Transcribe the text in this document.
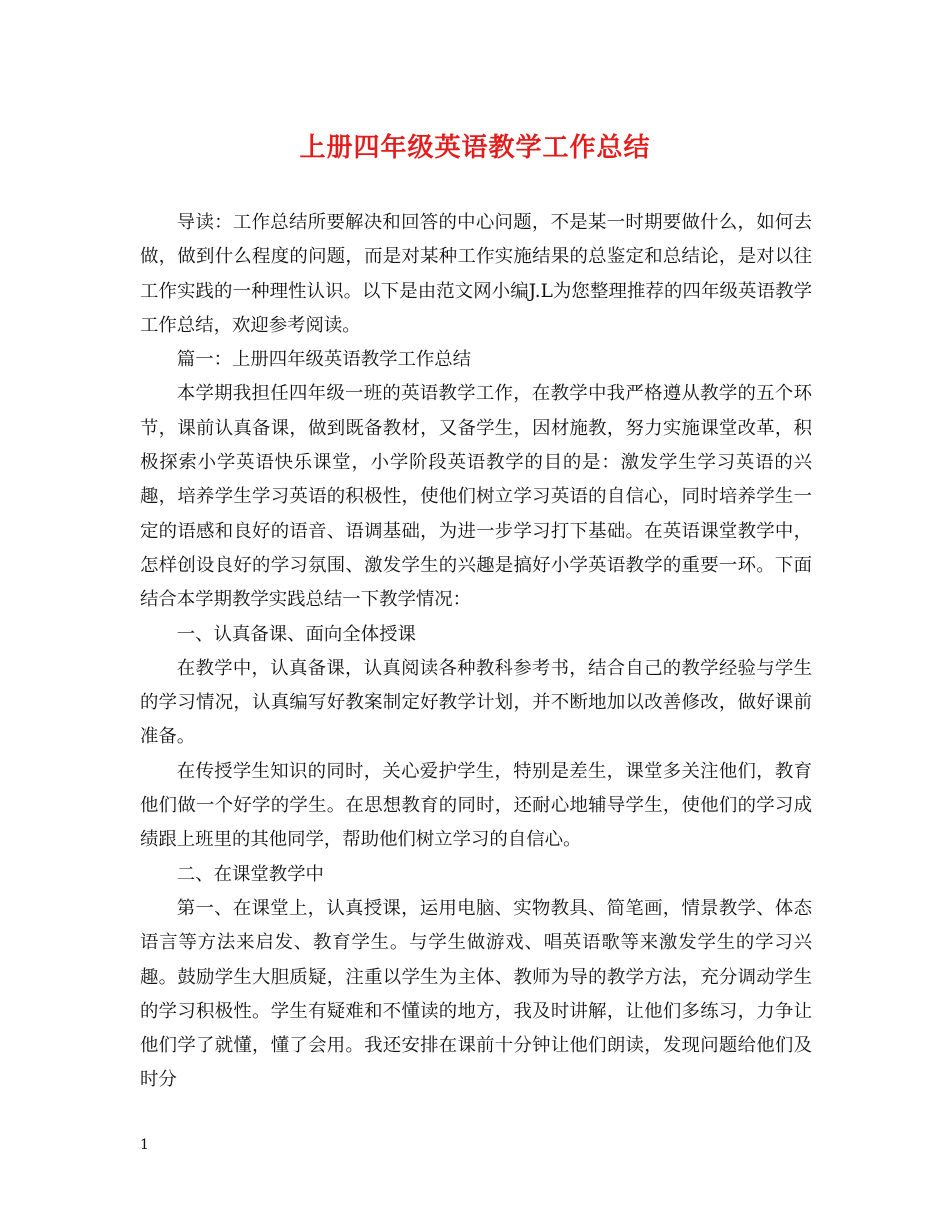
上册四年级英语教学工作总结

导读：工作总结所要解决和回答的中心问题，不是某一时期要做什么，如何去做，做到什么程度的问题，而是对某种工作实施结果的总鉴定和总结论，是对以往工作实践的一种理性认识。以下是由范文网小编J.L为您整理推荐的四年级英语教学工作总结，欢迎参考阅读。

篇一：上册四年级英语教学工作总结

本学期我担任四年级一班的英语教学工作，在教学中我严格遵从教学的五个环节，课前认真备课，做到既备教材，又备学生，因材施教，努力实施课堂改革，积极探索小学英语快乐课堂，小学阶段英语教学的目的是：激发学生学习英语的兴趣，培养学生学习英语的积极性，使他们树立学习英语的自信心，同时培养学生一定的语感和良好的语音、语调基础，为进一步学习打下基础。在英语课堂教学中，怎样创设良好的学习氛围、激发学生的兴趣是搞好小学英语教学的重要一环。下面结合本学期教学实践总结一下教学情况：

一、认真备课、面向全体授课

在教学中，认真备课，认真阅读各种教科参考书，结合自己的教学经验与学生的学习情况，认真编写好教案制定好教学计划，并不断地加以改善修改，做好课前准备。

在传授学生知识的同时，关心爱护学生，特别是差生，课堂多关注他们，教育他们做一个好学的学生。在思想教育的同时，还耐心地辅导学生，使他们的学习成绩跟上班里的其他同学，帮助他们树立学习的自信心。

二、在课堂教学中

第一、在课堂上，认真授课，运用电脑、实物教具、简笔画，情景教学、体态语言等方法来启发、教育学生。与学生做游戏、唱英语歌等来激发学生的学习兴趣。鼓励学生大胆质疑，注重以学生为主体、教师为导的教学方法，充分调动学生的学习积极性。学生有疑难和不懂读的地方，我及时讲解，让他们多练习，力争让他们学了就懂，懂了会用。我还安排在课前十分钟让他们朗读，发现问题给他们及时分

1
